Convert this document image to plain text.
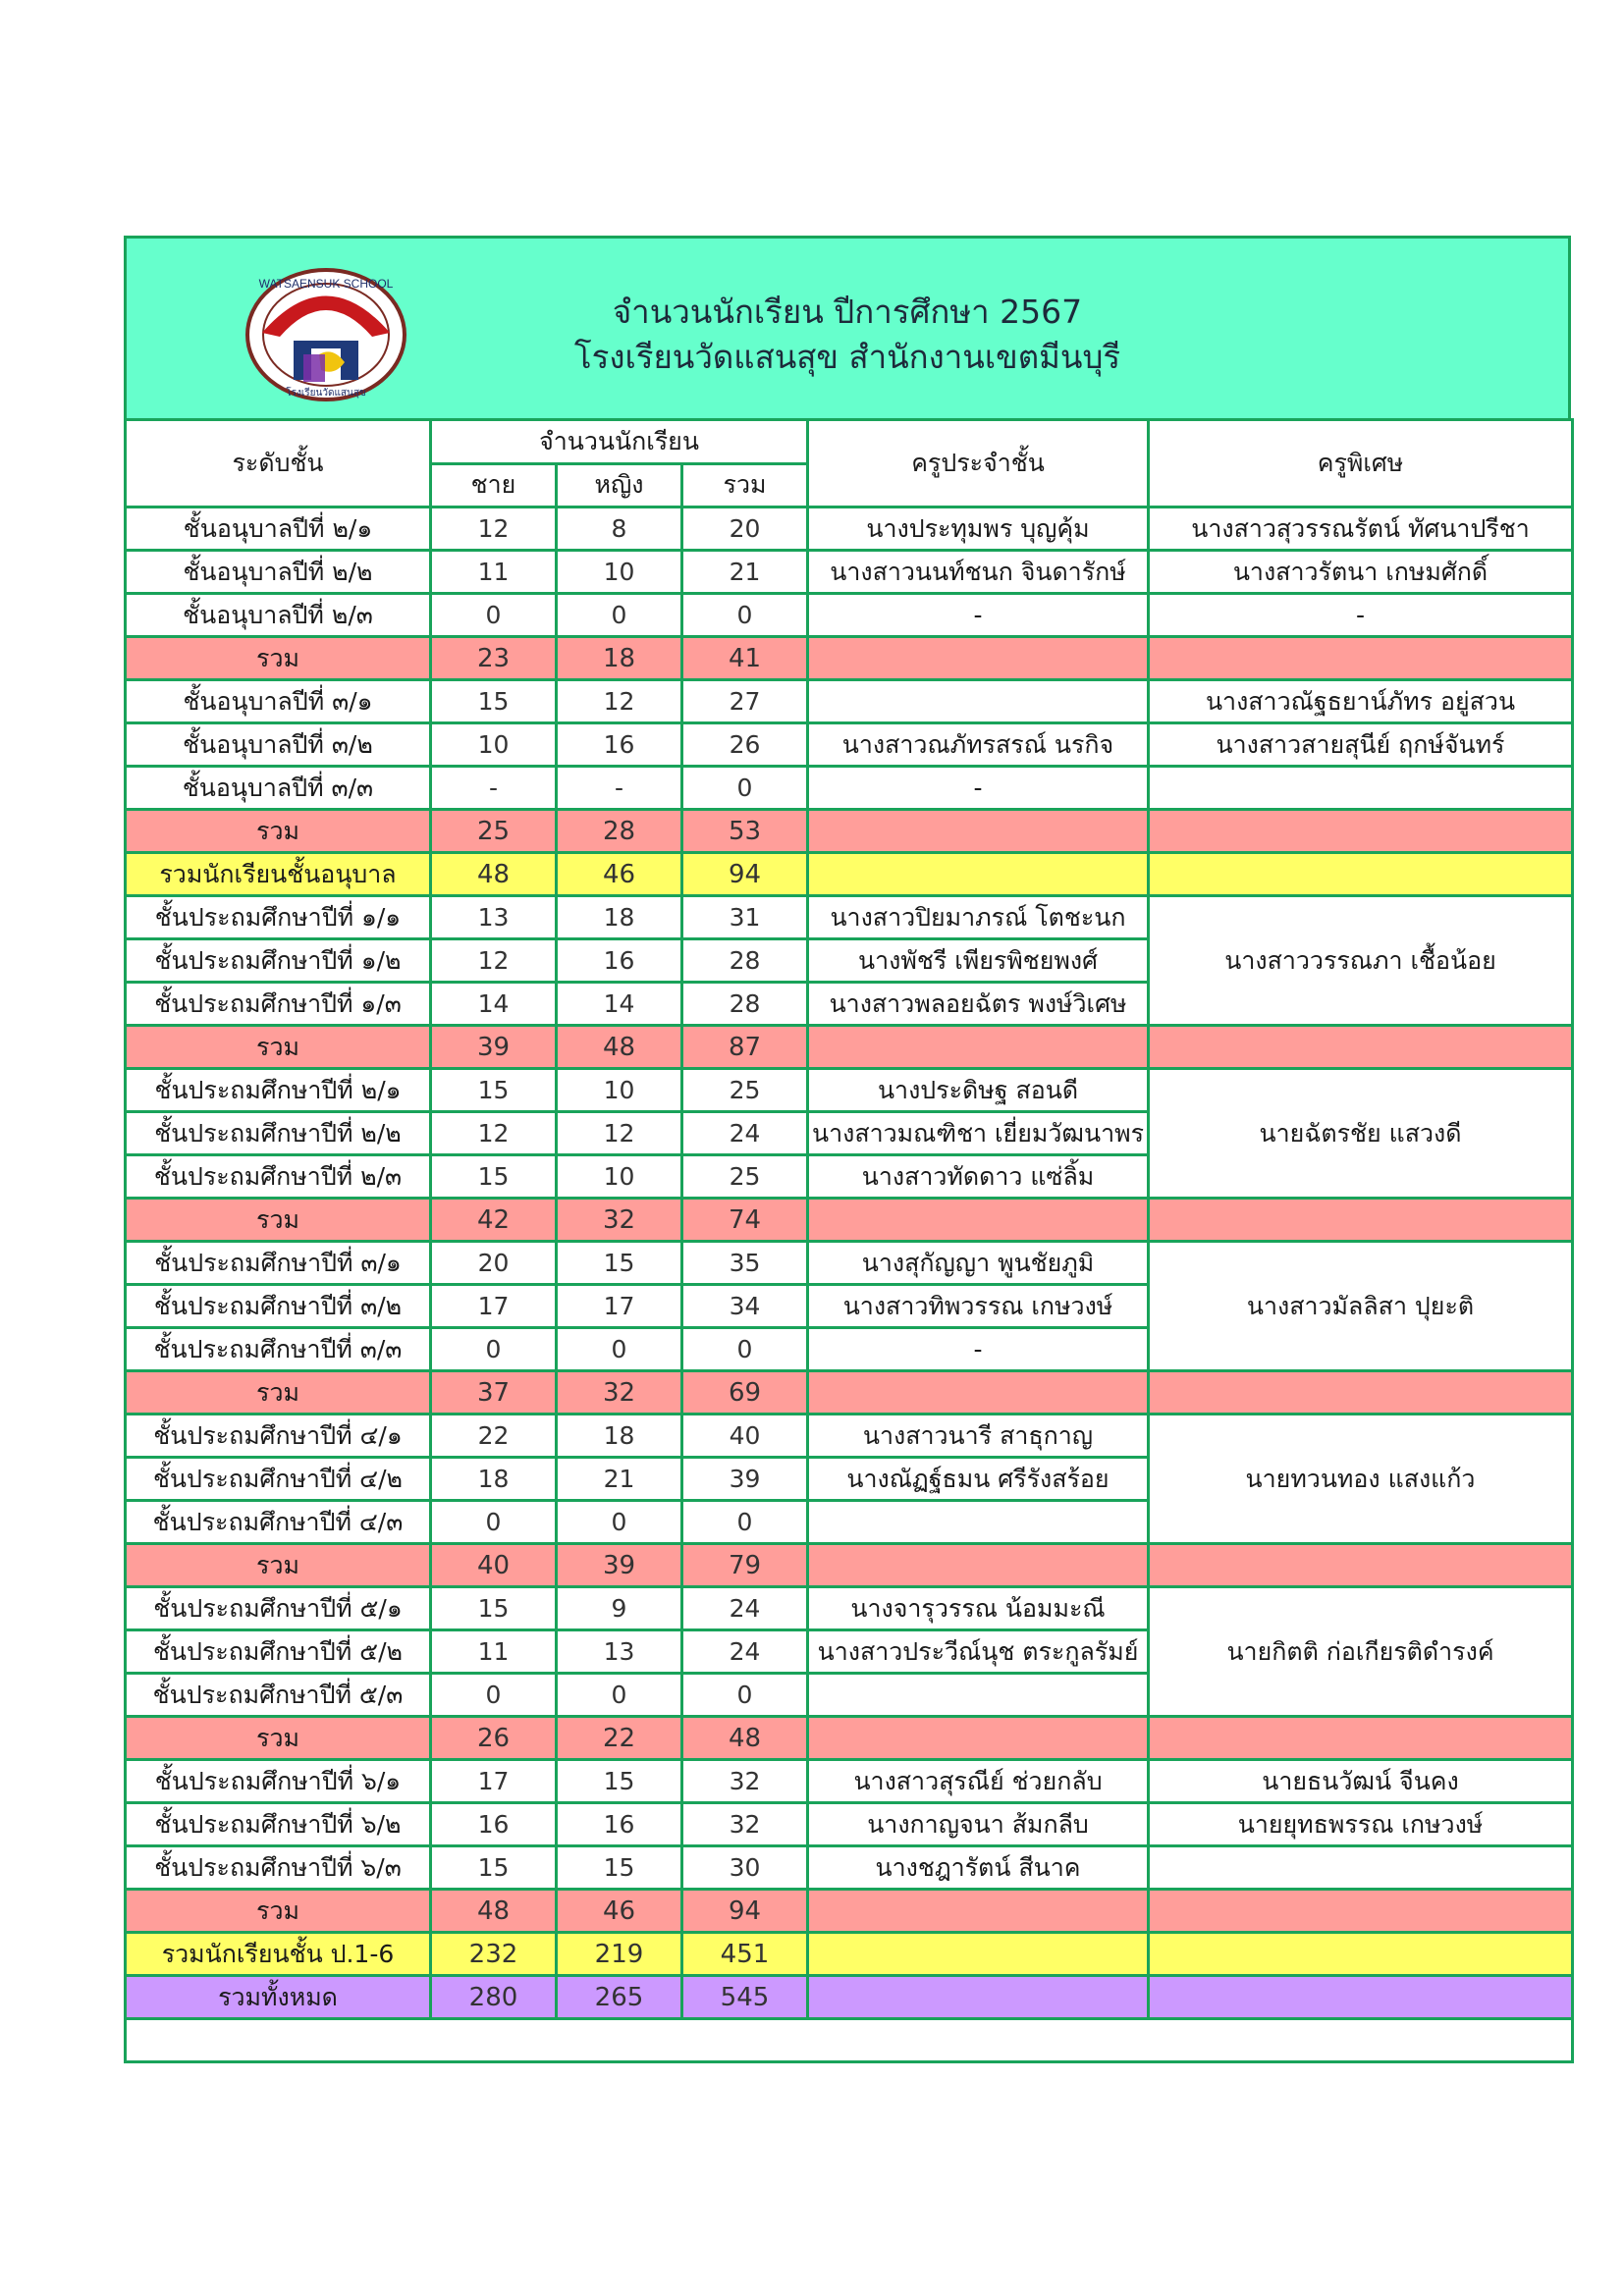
WATSAENSUK SCHOOL
โรงเรียนวัดแสนสุข
จำนวนนักเรียน ปีการศึกษา 2567
โรงเรียนวัดแสนสุข สำนักงานเขตมีนบุรี
ระดับชั้น	จำนวนนักเรียน			ครูประจำชั้น	ครูพิเศษ
	ชาย	หญิง	รวม		
ชั้นอนุบาลปีที่ ๒/๑	12	8	20	นางประทุมพร บุญคุ้ม	นางสาวสุวรรณรัตน์ ทัศนาปรีชา
ชั้นอนุบาลปีที่ ๒/๒	11	10	21	นางสาวนนท์ชนก จินดารักษ์	นางสาวรัตนา เกษมศักดิ์
ชั้นอนุบาลปีที่ ๒/๓	0	0	0	-	-
รวม	23	18	41		
ชั้นอนุบาลปีที่ ๓/๑	15	12	27		นางสาวณัฐธยาน์ภัทร อยู่สวน
ชั้นอนุบาลปีที่ ๓/๒	10	16	26	นางสาวณภัทรสรณ์ นรกิจ	นางสาวสายสุนีย์ ฤกษ์จันทร์
ชั้นอนุบาลปีที่ ๓/๓	-	-	0	-	
รวม	25	28	53		
รวมนักเรียนชั้นอนุบาล	48	46	94		
ชั้นประถมศึกษาปีที่ ๑/๑	13	18	31	นางสาวปิยมาภรณ์ โตชะนก	นางสาววรรณภา เชื้อน้อย
ชั้นประถมศึกษาปีที่ ๑/๒	12	16	28	นางพัชรี เพียรพิชยพงศ์	
ชั้นประถมศึกษาปีที่ ๑/๓	14	14	28	นางสาวพลอยฉัตร พงษ์วิเศษ	
รวม	39	48	87		
ชั้นประถมศึกษาปีที่ ๒/๑	15	10	25	นางประดิษฐ สอนดี	นายฉัตรชัย แสวงดี
ชั้นประถมศึกษาปีที่ ๒/๒	12	12	24	นางสาวมณฑิชา เยี่ยมวัฒนาพร	
ชั้นประถมศึกษาปีที่ ๒/๓	15	10	25	นางสาวทัดดาว แซ่ลิ้ม	
รวม	42	32	74		
ชั้นประถมศึกษาปีที่ ๓/๑	20	15	35	นางสุกัญญา พูนชัยภูมิ	นางสาวมัลลิสา ปุยะติ
ชั้นประถมศึกษาปีที่ ๓/๒	17	17	34	นางสาวทิพวรรณ เกษวงษ์	
ชั้นประถมศึกษาปีที่ ๓/๓	0	0	0	-	
รวม	37	32	69		
ชั้นประถมศึกษาปีที่ ๔/๑	22	18	40	นางสาวนารี สาธุกาญ	นายทวนทอง แสงแก้ว
ชั้นประถมศึกษาปีที่ ๔/๒	18	21	39	นางณัฏฐ์ธมน ศรีรังสร้อย	
ชั้นประถมศึกษาปีที่ ๔/๓	0	0	0		
รวม	40	39	79		
ชั้นประถมศึกษาปีที่ ๕/๑	15	9	24	นางจารุวรรณ น้อมมะณี	นายกิตติ ก่อเกียรติดำรงค์
ชั้นประถมศึกษาปีที่ ๕/๒	11	13	24	นางสาวประวีณ์นุช ตระกูลรัมย์	
ชั้นประถมศึกษาปีที่ ๕/๓	0	0	0		
รวม	26	22	48		
ชั้นประถมศึกษาปีที่ ๖/๑	17	15	32	นางสาวสุรณีย์ ช่วยกลับ	นายธนวัฒน์ จีนคง
ชั้นประถมศึกษาปีที่ ๖/๒	16	16	32	นางกาญจนา ส้มกลีบ	นายยุทธพรรณ เกษวงษ์
ชั้นประถมศึกษาปีที่ ๖/๓	15	15	30	นางชฎารัตน์ สีนาค	
รวม	48	46	94		
รวมนักเรียนชั้น ป.1-6	232	219	451		
รวมทั้งหมด	280	265	545		
